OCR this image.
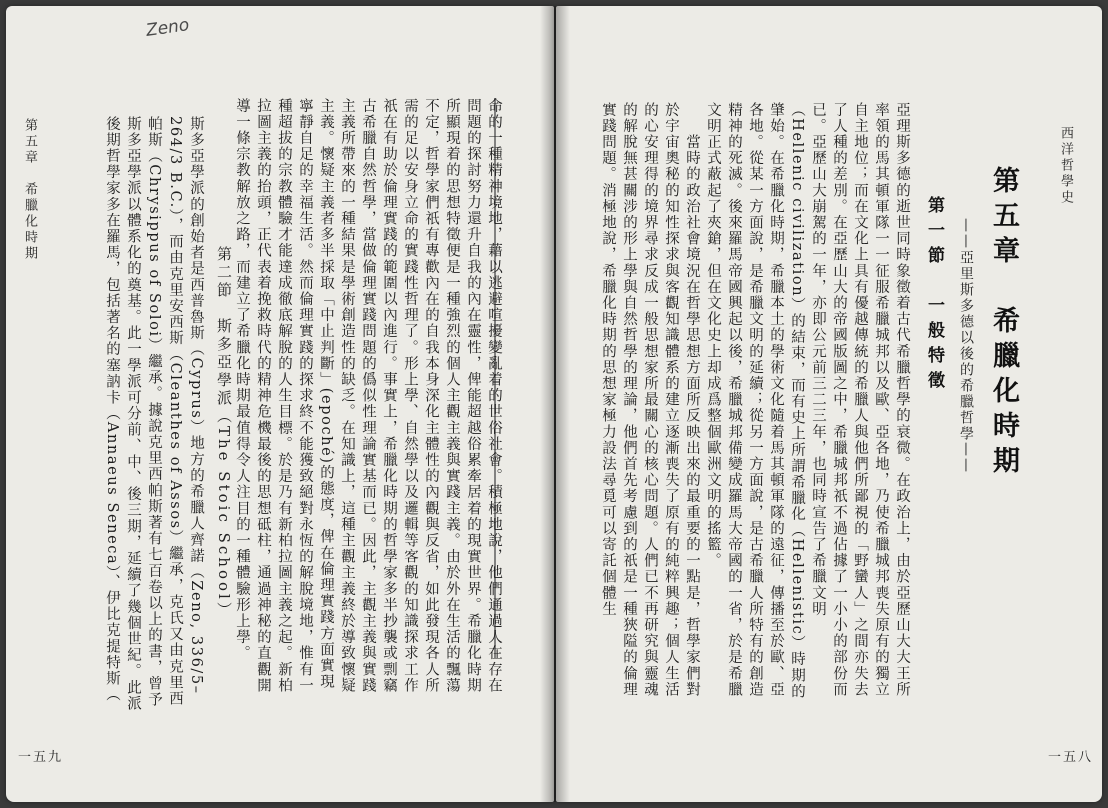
Zeno
命的一種精神境地，藉以逃避喧擾變亂着的世俗社會。積極地說，他們通過人在存在問題的探討努力還升自我的內在靈性，俾能超越俗累牽居着的現實世界。希臘化時期所顯現着的思想特徵便是一種強烈的個人主觀主義與實踐主義。由於外在生活的飄蕩不定，哲學家們祇有專歡內在的自我本身深化主體性的內觀與反省，如此發現各人所需的足以安身立命的實踐性哲理了。形上學、自然學以及邏輯等客觀的知識探求工作祇在有助於倫理實踐的範圍以內進行。事實上，希臘化時期的哲學家多半抄襲或剽竊古希臘自然哲學，當做倫理實踐問題的僞似性理論實基而已。因此，主觀主義與實踐主義所帶來的一種結果是學術創造性的缺乏。在知識上，這種主觀主義終於導致懷疑主義。懷疑主義者多半採取「中止判斷」(epoché)的態度，俾在倫理實踐方面實現寧靜自足的幸福生活。然而倫理實踐的探求終不能獲致絕對永恆的解脫境地，惟有一種超拔的宗教體驗才能達成徹底解脫的人生目標。於是乃有新柏拉圖主義之起。新柏拉圖主義的抬頭，正代表着挽救時代的精神危機最後的思想砥柱，通過神秘的直觀開導一條宗教解放之路，而建立了希臘化時期最值得令人注目的一種體驗形上學。
第二節　斯多亞學派（The Stoic School）
斯多亞學派的創始者是西普魯斯（Cyprus）地方的希臘人齊諾（Zeno, 336/5–264/3 B.C.），而由克里安西斯（Cleanthes of Assos）繼承，克氏又由克里西帕斯（Chrysippus of Soloi）繼承。據說克里西帕斯著有七百卷以上的書，曾予斯多亞學派以體系化的奠基。此一學派可分前、中、後三期，延續了幾個世紀。此派後期哲學家多在羅馬，包括著名的塞訥卡（Annaeus Seneca）、伊比克提特斯（
第五章　希臘化時期
一五九
西洋哲學史
第五章　希臘化時期
——亞里斯多德以後的希臘哲學——
第一節　一般特徵
亞理斯多德的逝世同時象徵着古代希臘哲學的衰微。在政治上，由於亞歷山大大王所率領的馬其頓軍隊一一征服希臘城邦以及歐、亞各地，乃使希臘城邦喪失原有的獨立自主地位；而在文化上具有優越傳統的希臘人與他們所鄙視的「野蠻人」之間亦失去了人種的差別。在亞歷山大的帝國版圖之中，希臘城邦祇不過佔據了一小小的部份而已。亞歷山大崩駕的一年，亦即公元前三二三年，也同時宣告了希臘文明（Hellenic civilization）的結束，而有史上所謂希臘化（Hellenistic）時期的肇始。在希臘化時期，希臘本土的學術文化隨着馬其頓軍隊的遠征，傳播至於歐、亞各地。從某一方面說，是希臘文明的延續；從另一方面說，是古希臘人所特有的創造精神的死滅。後來羅馬帝國興起以後，希臘城邦備變成羅馬大帝國的一省，於是希臘文明正式蔽起了夾鎗，但在文化史上却成爲整個歐洲文明的搖籃。
　　當時的政治社會境況在哲學思想方面所反映出來的最重要的一點是，哲學家們對於宇宙奧秘的知性探求與客觀知識體系的建立逐漸喪失了原有的純粹興趣；個人生活的心安理得的境界尋求反成一般思想家所最關心的核心問題。人們已不再研究與靈魂的解脫無甚關涉的形上學與自然哲學的理論，他們首先考慮到的祇是一種狹隘的倫理實踐問題。消極地說，希臘化時期的思想家極力設法尋覓可以寄託個體生
一五八
